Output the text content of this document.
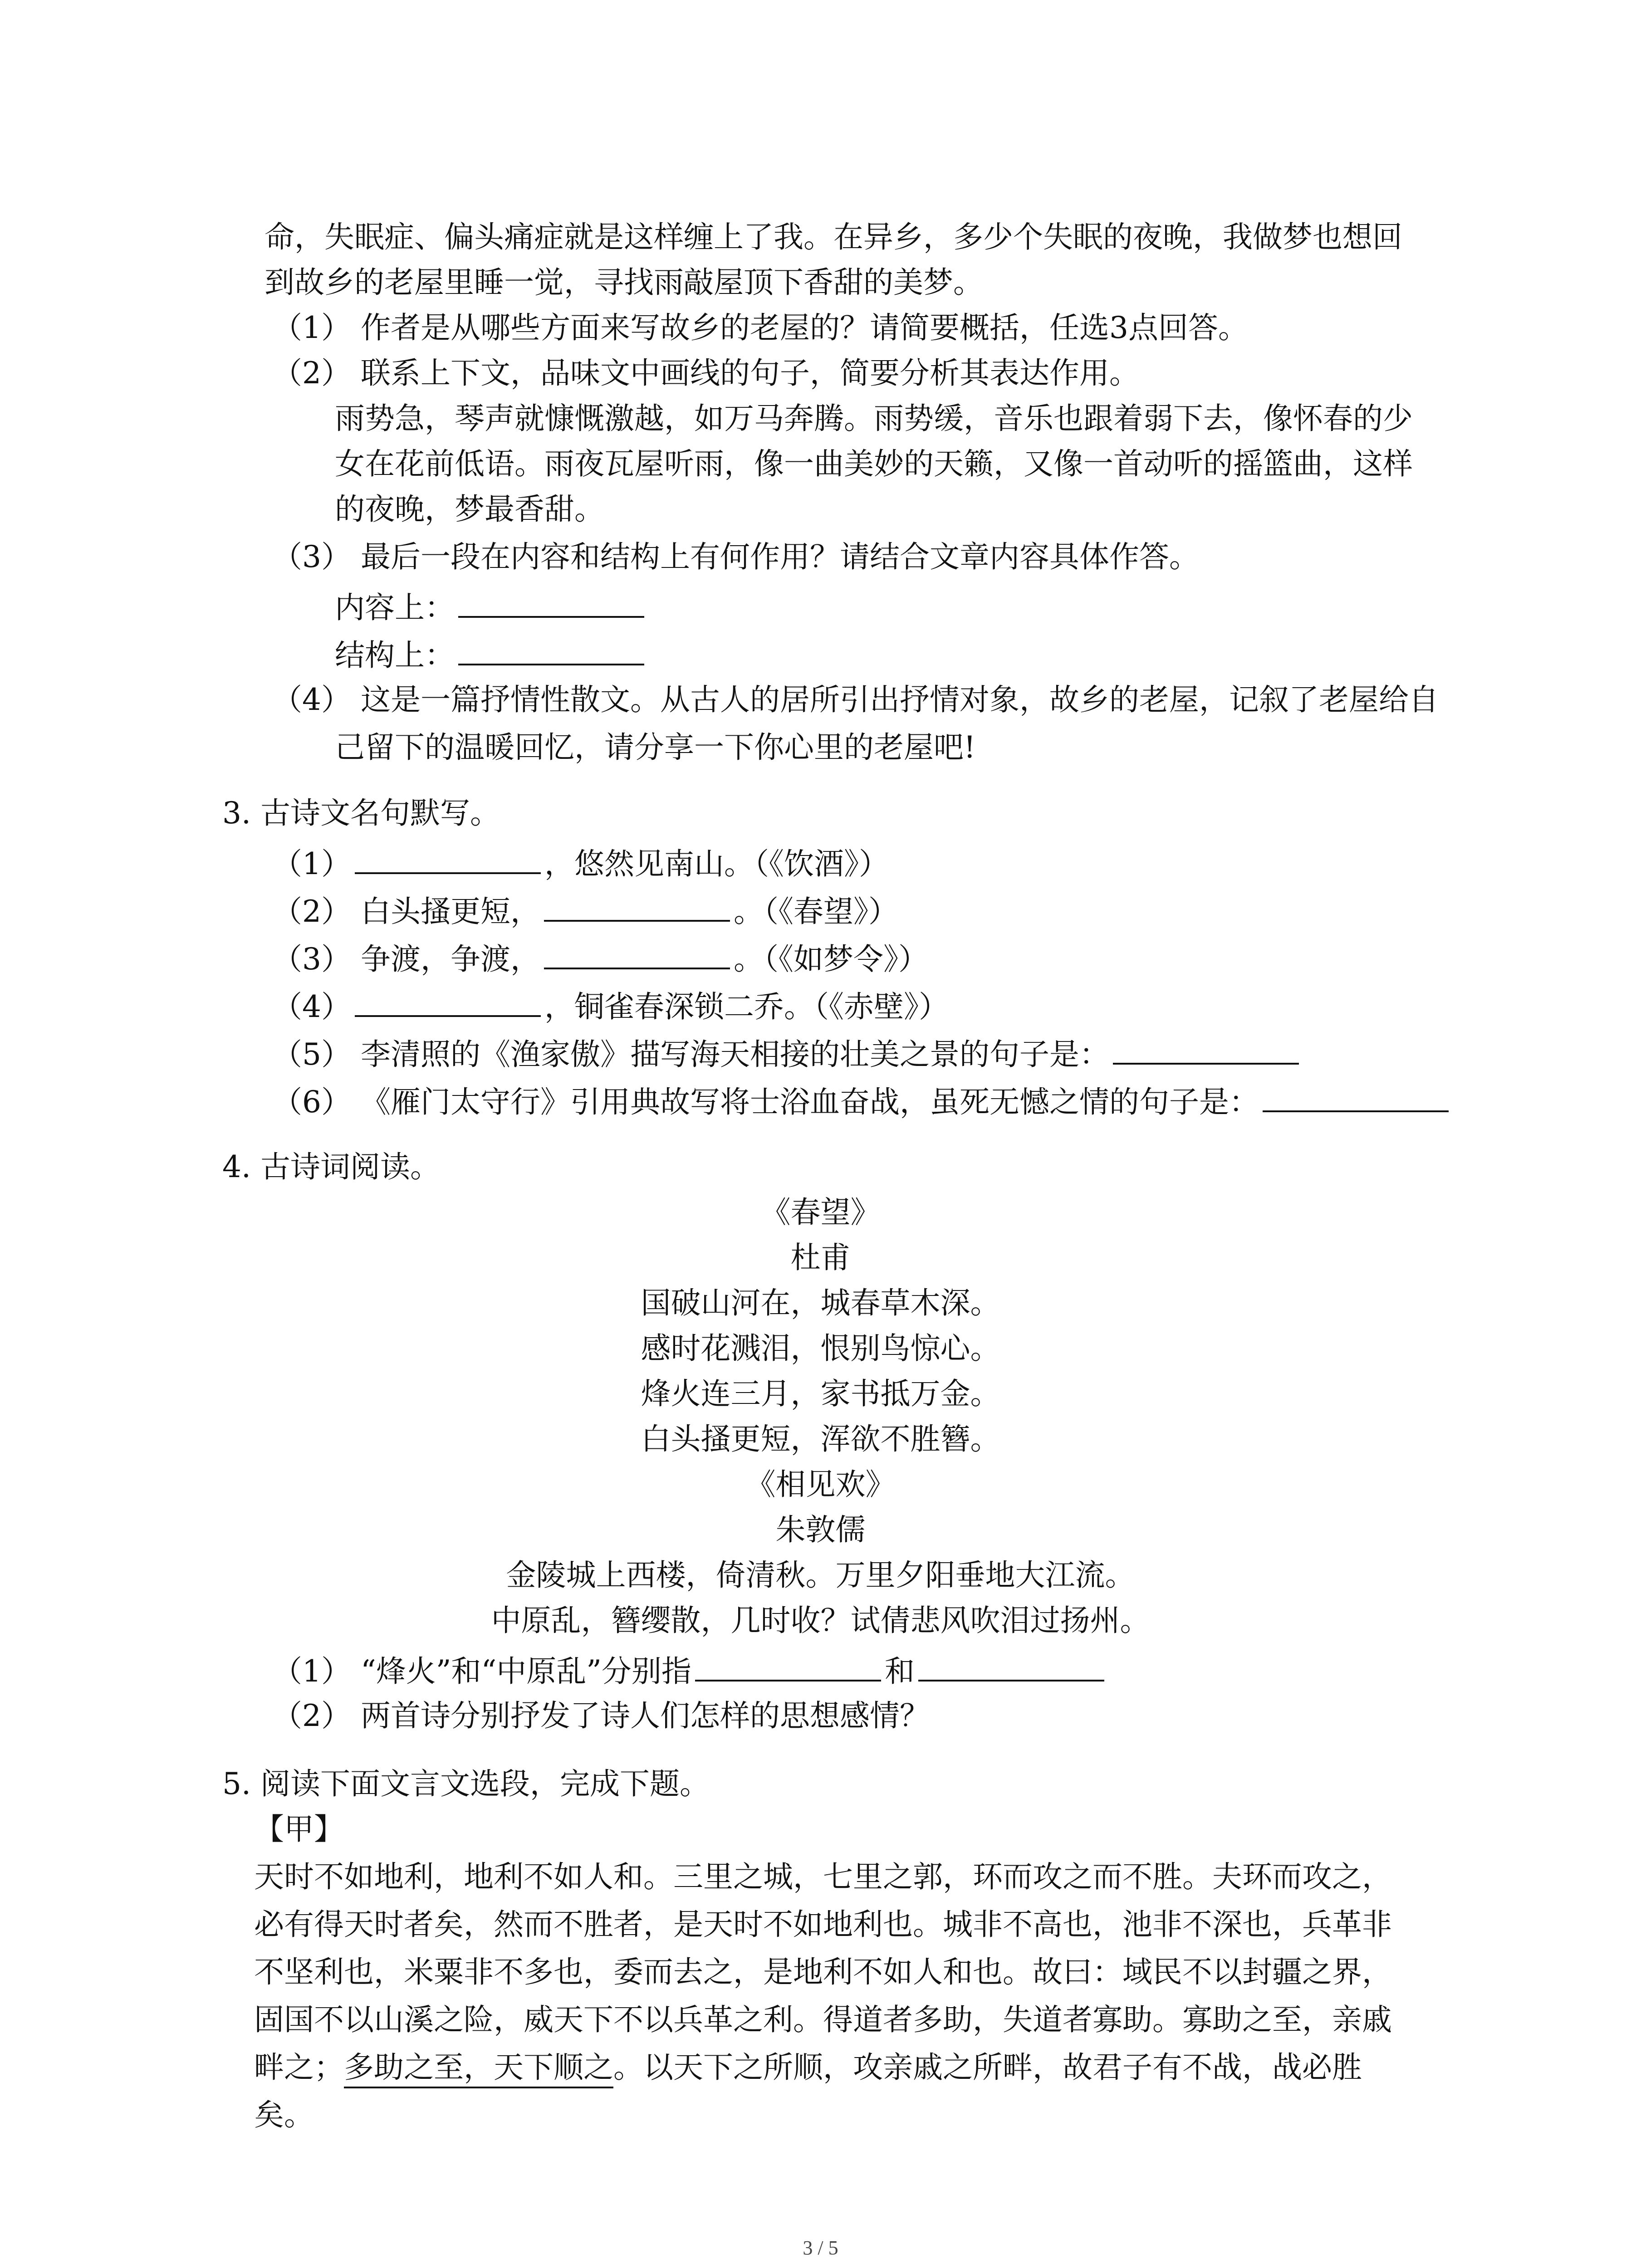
命，失眠症、偏头痛症就是这样缠上了我。在异乡，多少个失眠的夜晚，我做梦也想回
到故乡的老屋里睡一觉，寻找雨敲屋顶下香甜的美梦。
（1） 作者是从哪些方面来写故乡的老屋的？请简要概括，任选3点回答。
（2） 联系上下文，品味文中画线的句子，简要分析其表达作用。
雨势急，琴声就慷慨激越，如万马奔腾。雨势缓，音乐也跟着弱下去，像怀春的少
女在花前低语。雨夜瓦屋听雨，像一曲美妙的天籁，又像一首动听的摇篮曲，这样
的夜晚，梦最香甜。
（3） 最后一段在内容和结构上有何作用？请结合文章内容具体作答。
内容上：
结构上：
（4） 这是一篇抒情性散文。从古人的居所引出抒情对象，故乡的老屋，记叙了老屋给自
己留下的温暖回忆，请分享一下你心里的老屋吧!
3. 古诗文名句默写。
（1）	，悠然见南山。（《饮酒》）
（2） 白头搔更短，	。（《春望》）
（3） 争渡，争渡，	。（《如梦令》）
（4）	，铜雀春深锁二乔。（《赤壁》）
（5） 李清照的《渔家傲》描写海天相接的壮美之景的句子是：
（6） 《雁门太守行》引用典故写将士浴血奋战，虽死无憾之情的句子是：
4. 古诗词阅读。
《春望》
杜甫
国破山河在，城春草木深。
感时花溅泪，恨别鸟惊心。
烽火连三月，家书抵万金。
白头搔更短，浑欲不胜簪。
《相见欢》
朱敦儒
金陵城上西楼，倚清秋。万里夕阳垂地大江流。
中原乱，簪缨散，几时收？试倩悲风吹泪过扬州。
（1） “烽火”和“中原乱”分别指	和
（2） 两首诗分别抒发了诗人们怎样的思想感情？
5. 阅读下面文言文选段，完成下题。
【甲】
天时不如地利，地利不如人和。三里之城，七里之郭，环而攻之而不胜。夫环而攻之，
必有得天时者矣，然而不胜者，是天时不如地利也。城非不高也，池非不深也，兵革非
不坚利也，米粟非不多也，委而去之，是地利不如人和也。故曰：域民不以封疆之界，
固国不以山溪之险，威天下不以兵革之利。得道者多助，失道者寡助。寡助之至，亲戚
畔之；多助之至，天下顺之。以天下之所顺，攻亲戚之所畔，故君子有不战，战必胜
矣。
3 / 5
